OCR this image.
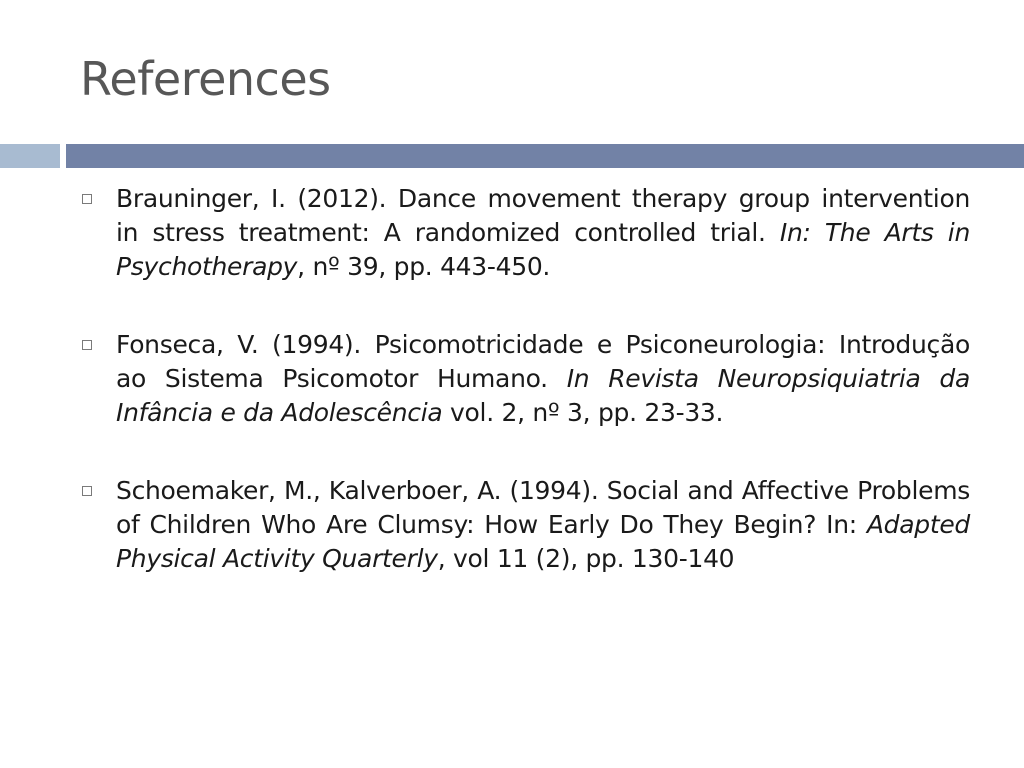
References
Brauninger, I. (2012). Dance movement therapy group intervention in stress treatment: A randomized controlled trial. In: The Arts in Psychotherapy, nº 39, pp. 443-450.
Fonseca, V. (1994). Psicomotricidade e Psiconeurologia: Introdução ao Sistema Psicomotor Humano. In Revista Neuropsiquiatria da Infância e da Adolescência vol. 2, nº 3, pp. 23-33.
Schoemaker, M., Kalverboer, A. (1994). Social and Affective Problems of Children Who Are Clumsy: How Early Do They Begin? In: Adapted Physical Activity Quarterly, vol 11 (2), pp. 130-140
